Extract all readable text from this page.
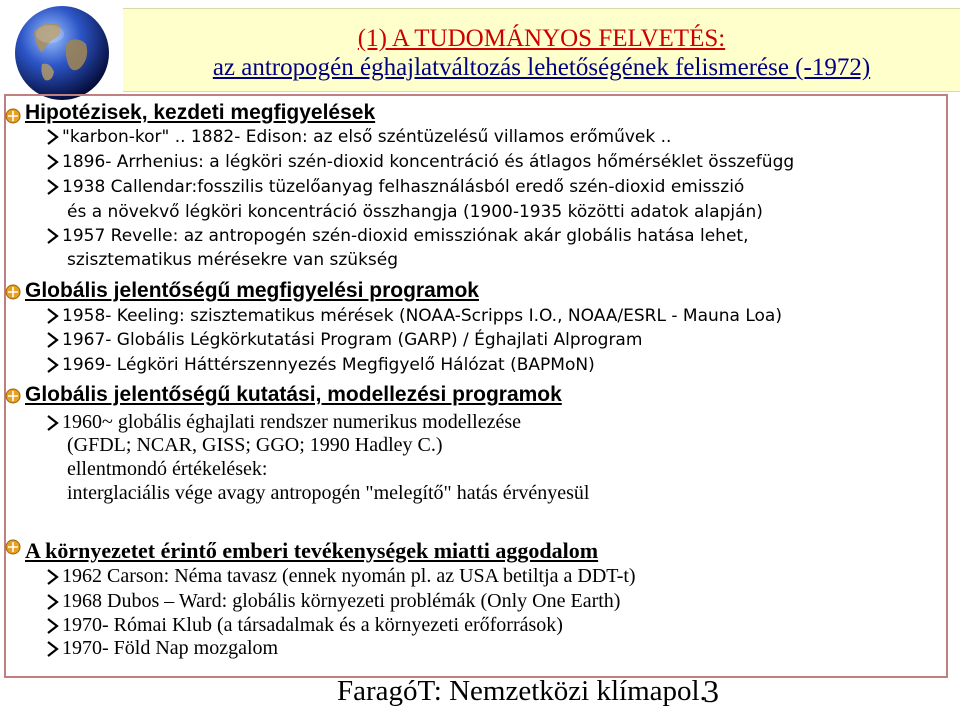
(1) A TUDOMÁNYOS FELVETÉS:
az antropogén éghajlatváltozás lehetőségének felismerése (-1972)
Hipotézisek, kezdeti megfigyelések
"karbon-kor" .. 1882- Edison: az első széntüzelésű villamos erőművek ..
1896- Arrhenius: a légköri szén-dioxid koncentráció és átlagos hőmérséklet összefügg
1938 Callendar:fosszilis tüzelőanyag felhasználásból eredő szén-dioxid emisszió
és a növekvő légköri koncentráció összhangja (1900-1935 közötti adatok alapján)
1957 Revelle: az antropogén szén-dioxid emissziónak akár globális hatása lehet,
szisztematikus mérésekre van szükség
Globális jelentőségű megfigyelési programok
1958- Keeling: szisztematikus mérések (NOAA-Scripps I.O., NOAA/ESRL - Mauna Loa)
1967- Globális Légkörkutatási Program (GARP) / Éghajlati Alprogram
1969- Légköri Háttérszennyezés Megfigyelő Hálózat (BAPMoN)
Globális jelentőségű kutatási, modellezési programok
1960~ globális éghajlati rendszer numerikus modellezése
(GFDL; NCAR, GISS; GGO; 1990 Hadley C.)
ellentmondó értékelések:
interglaciális vége avagy antropogén "melegítő" hatás érvényesül
A környezetet érintő emberi tevékenységek miatti aggodalom
1962 Carson: Néma tavasz (ennek nyomán pl. az USA betiltja a DDT-t)
1968 Dubos – Ward: globális környezeti problémák (Only One Earth)
1970- Római Klub (a társadalmak és a környezeti erőforrások)
1970- Föld Nap mozgalom
FaragóT: Nemzetközi klímapol.
3
